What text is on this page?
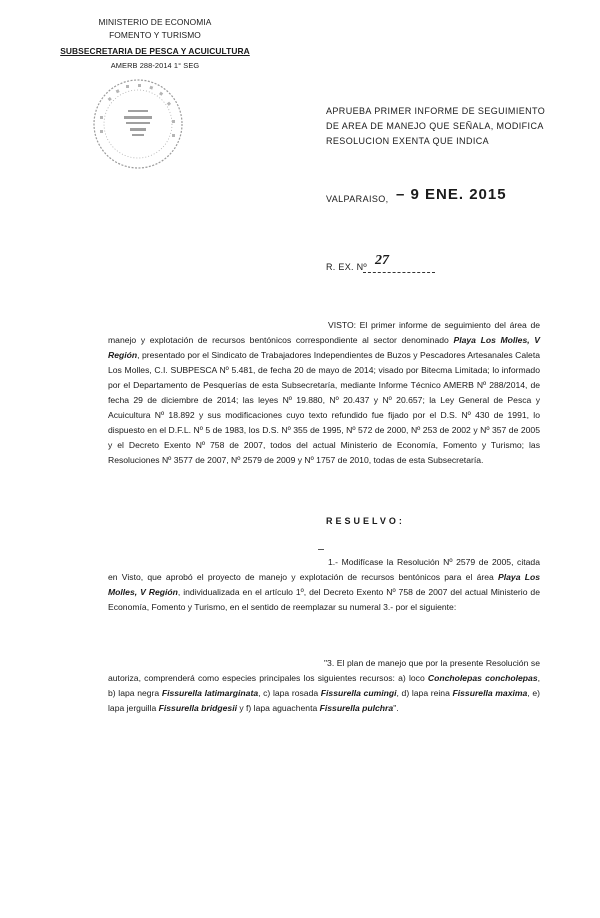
MINISTERIO DE ECONOMIA
FOMENTO Y TURISMO
SUBSECRETARIA DE PESCA Y ACUICULTURA
AMERB 288-2014 1° SEG
APRUEBA PRIMER INFORME DE SEGUIMIENTO DE AREA DE MANEJO QUE SEÑALA, MODIFICA RESOLUCION EXENTA QUE INDICA
VALPARAISO, – 9 ENE. 2015
R. EX. Nº 27
VISTO: El primer informe de seguimiento del área de manejo y explotación de recursos bentónicos correspondiente al sector denominado Playa Los Molles, V Región, presentado por el Sindicato de Trabajadores Independientes de Buzos y Pescadores Artesanales Caleta Los Molles, C.I. SUBPESCA Nº 5.481, de fecha 20 de mayo de 2014; visado por Bitecma Limitada; lo informado por el Departamento de Pesquerías de esta Subsecretaría, mediante Informe Técnico AMERB Nº 288/2014, de fecha 29 de diciembre de 2014; las leyes Nº 19.880, Nº 20.437 y Nº 20.657; la Ley General de Pesca y Acuicultura Nº 18.892 y sus modificaciones cuyo texto refundido fue fijado por el D.S. Nº 430 de 1991, lo dispuesto en el D.F.L. Nº 5 de 1983, los D.S. Nº 355 de 1995, Nº 572 de 2000, Nº 253 de 2002 y Nº 357 de 2005 y el Decreto Exento Nº 758 de 2007, todos del actual Ministerio de Economía, Fomento y Turismo; las Resoluciones Nº 3577 de 2007, Nº 2579 de 2009 y Nº 1757 de 2010, todas de esta Subsecretaría.
RESUELVO:
1.- Modifícase la Resolución Nº 2579 de 2005, citada en Visto, que aprobó el proyecto de manejo y explotación de recursos bentónicos para el área Playa Los Molles, V Región, individualizada en el artículo 1º, del Decreto Exento Nº 758 de 2007 del actual Ministerio de Economía, Fomento y Turismo, en el sentido de reemplazar su numeral 3.- por el siguiente:
"3. El plan de manejo que por la presente Resolución se autoriza, comprenderá como especies principales los siguientes recursos: a) loco Concholepas concholepas, b) lapa negra Fissurella latimarginata, c) lapa rosada Fissurella cumingi, d) lapa reina Fissurella maxima, e) lapa jerguilla Fissurella bridgesii y f) lapa aguachenta Fissurella pulchra".
